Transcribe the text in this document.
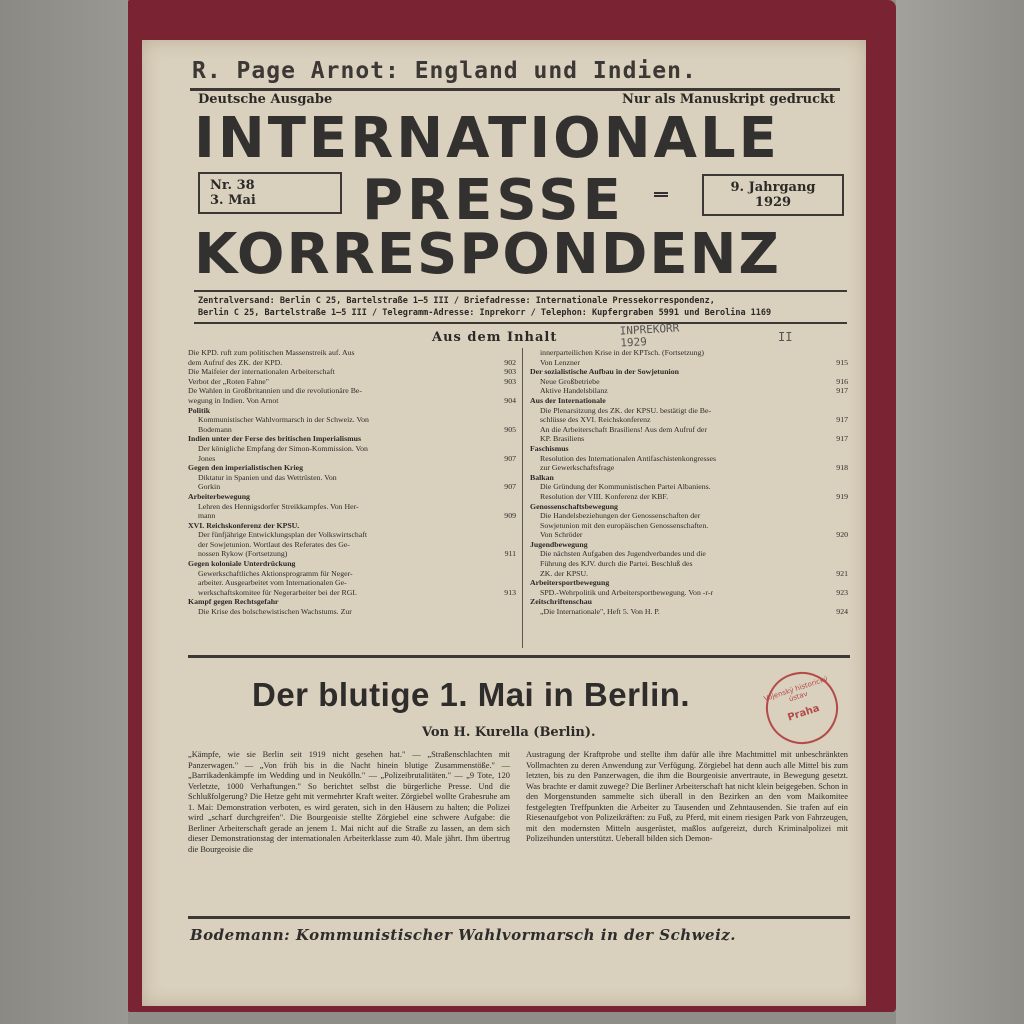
R. Page Arnot: England und Indien.
Deutsche Ausgabe	Nur als Manuskript gedruckt
INTERNATIONALE
Nr. 38
3. Mai	PRESSE	9. Jahrgang
1929
KORRESPONDENZ
Zentralversand: Berlin C 25, Bartelstraße 1—5 III / Briefadresse: Internationale Pressekorrespondenz,
Berlin C 25, Bartelstraße 1—5 III / Telegramm-Adresse: Inprekorr / Telephon: Kupfergraben 5991 und Berolina 1169
Aus dem Inhalt	INPREKORR
1929	II
Die KPD. ruft zum politischen Massenstreik auf. Aus
dem Aufruf des ZK. der KPD.	902
Die Maifeier der internationalen Arbeiterschaft	903
Verbot der „Roten Fahne"	903
De Wahlen in Großbritannien und die revolutionäre Be-
wegung in Indien. Von Arnot	904
Politik
Kommunistischer Wahlvormarsch in der Schweiz. Von
Bodemann	905
Indien unter der Ferse des britischen Imperialismus
Der königliche Empfang der Simon-Kommission. Von
Jones	907
Gegen den imperialistischen Krieg
Diktatur in Spanien und das Wettrüsten. Von
Gorkin	907
Arbeiterbewegung
Lehren des Hennigsdorfer Streikkampfes. Von Her-
mann	909
XVI. Reichskonferenz der KPSU.
Der fünfjährige Entwicklungsplan der Volkswirtschaft
der Sowjetunion. Wortlaut des Referates des Ge-
nossen Rykow (Fortsetzung)	911
Gegen koloniale Unterdrückung
Gewerkschaftliches Aktionsprogramm für Neger-
arbeiter. Ausgearbeitet vom Internationalen Ge-
werkschaftskomitee für Negerarbeiter bei der RGI.	913
Kampf gegen Rechtsgefahr
Die Krise des bolschewistischen Wachstums. Zur
innerparteilichen Krise in der KPTsch. (Fortsetzung)
Von Lenzner	915
Der sozialistische Aufbau in der Sowjetunion
Neue Großbetriebe	916
Aktive Handelsbilanz	917
Aus der Internationale
Die Plenarsitzung des ZK. der KPSU. bestätigt die Be-
schlüsse des XVI. Reichskonferenz	917
An die Arbeiterschaft Brasiliens! Aus dem Aufruf der
KP. Brasiliens	917
Faschismus
Resolution des Internationalen Antifaschistenkongresses
zur Gewerkschaftsfrage	918
Balkan
Die Gründung der Kommunistischen Partei Albaniens.
Resolution der VIII. Konferenz der KBF.	919
Genossenschaftsbewegung
Die Handelsbeziehungen der Genossenschaften der
Sowjetunion mit den europäischen Genossenschaften.
Von Schröder	920
Jugendbewegung
Die nächsten Aufgaben des Jugendverbandes und die
Führung des KJV. durch die Partei. Beschluß des
ZK. der KPSU.	921
Arbeitersportbewegung
SPD.-Wehrpolitik und Arbeitersportbewegung. Von -r-r	923
Zeitschriftenschau
„Die Internationale", Heft 5. Von H. P.	924
Der blutige 1. Mai in Berlin.
Von H. Kurella (Berlin).
Vojenský historický ústav
Praha
„Kämpfe, wie sie Berlin seit 1919 nicht gesehen hat." — „Straßenschlachten mit Panzerwagen." — „Von früh bis in die Nacht hinein blutige Zusammenstöße." — „Barrikadenkämpfe im Wedding und in Neukölln." — „Polizeibrutalitäten." — „9 Tote, 120 Verletzte, 1000 Verhaftungen." So berichtet selbst die bürgerliche Presse. Und die Schlußfolgerung? Die Hetze geht mit vermehrter Kraft weiter. Zörgiebel wollte Grabesruhe am 1. Mai: Demonstration verboten, es wird geraten, sich in den Häusern zu halten; die Polizei wird „scharf durchgreifen". Die Bourgeoisie stellte Zörgiebel eine schwere Aufgabe: die Berliner Arbeiterschaft gerade an jenem 1. Mai nicht auf die Straße zu lassen, an dem sich dieser Demonstrationstag der internationalen Arbeiterklasse zum 40. Male jährt. Ihm übertrug die Bourgeoisie die
Austragung der Kraftprobe und stellte ihm dafür alle ihre Machtmittel mit unbeschränkten Vollmachten zu deren Anwendung zur Verfügung. Zörgiebel hat denn auch alle Mittel bis zum letzten, bis zu den Panzerwagen, die ihm die Bourgeoisie anvertraute, in Bewegung gesetzt. Was brachte er damit zuwege? Die Berliner Arbeiterschaft hat nicht klein beigegeben. Schon in den Morgenstunden sammelte sich überall in den Bezirken an den vom Maikomitee festgelegten Treffpunkten die Arbeiter zu Tausenden und Zehntausenden. Sie trafen auf ein Riesenaufgebot von Polizeikräften: zu Fuß, zu Pferd, mit einem riesigen Park von Fahrzeugen, mit den modernsten Mitteln ausgerüstet, maßlos aufgereizt, durch Kriminalpolizei mit Polizeihunden unterstützt. Ueberall bilden sich Demon-
Bodemann: Kommunistischer Wahlvormarsch in der Schweiz.
